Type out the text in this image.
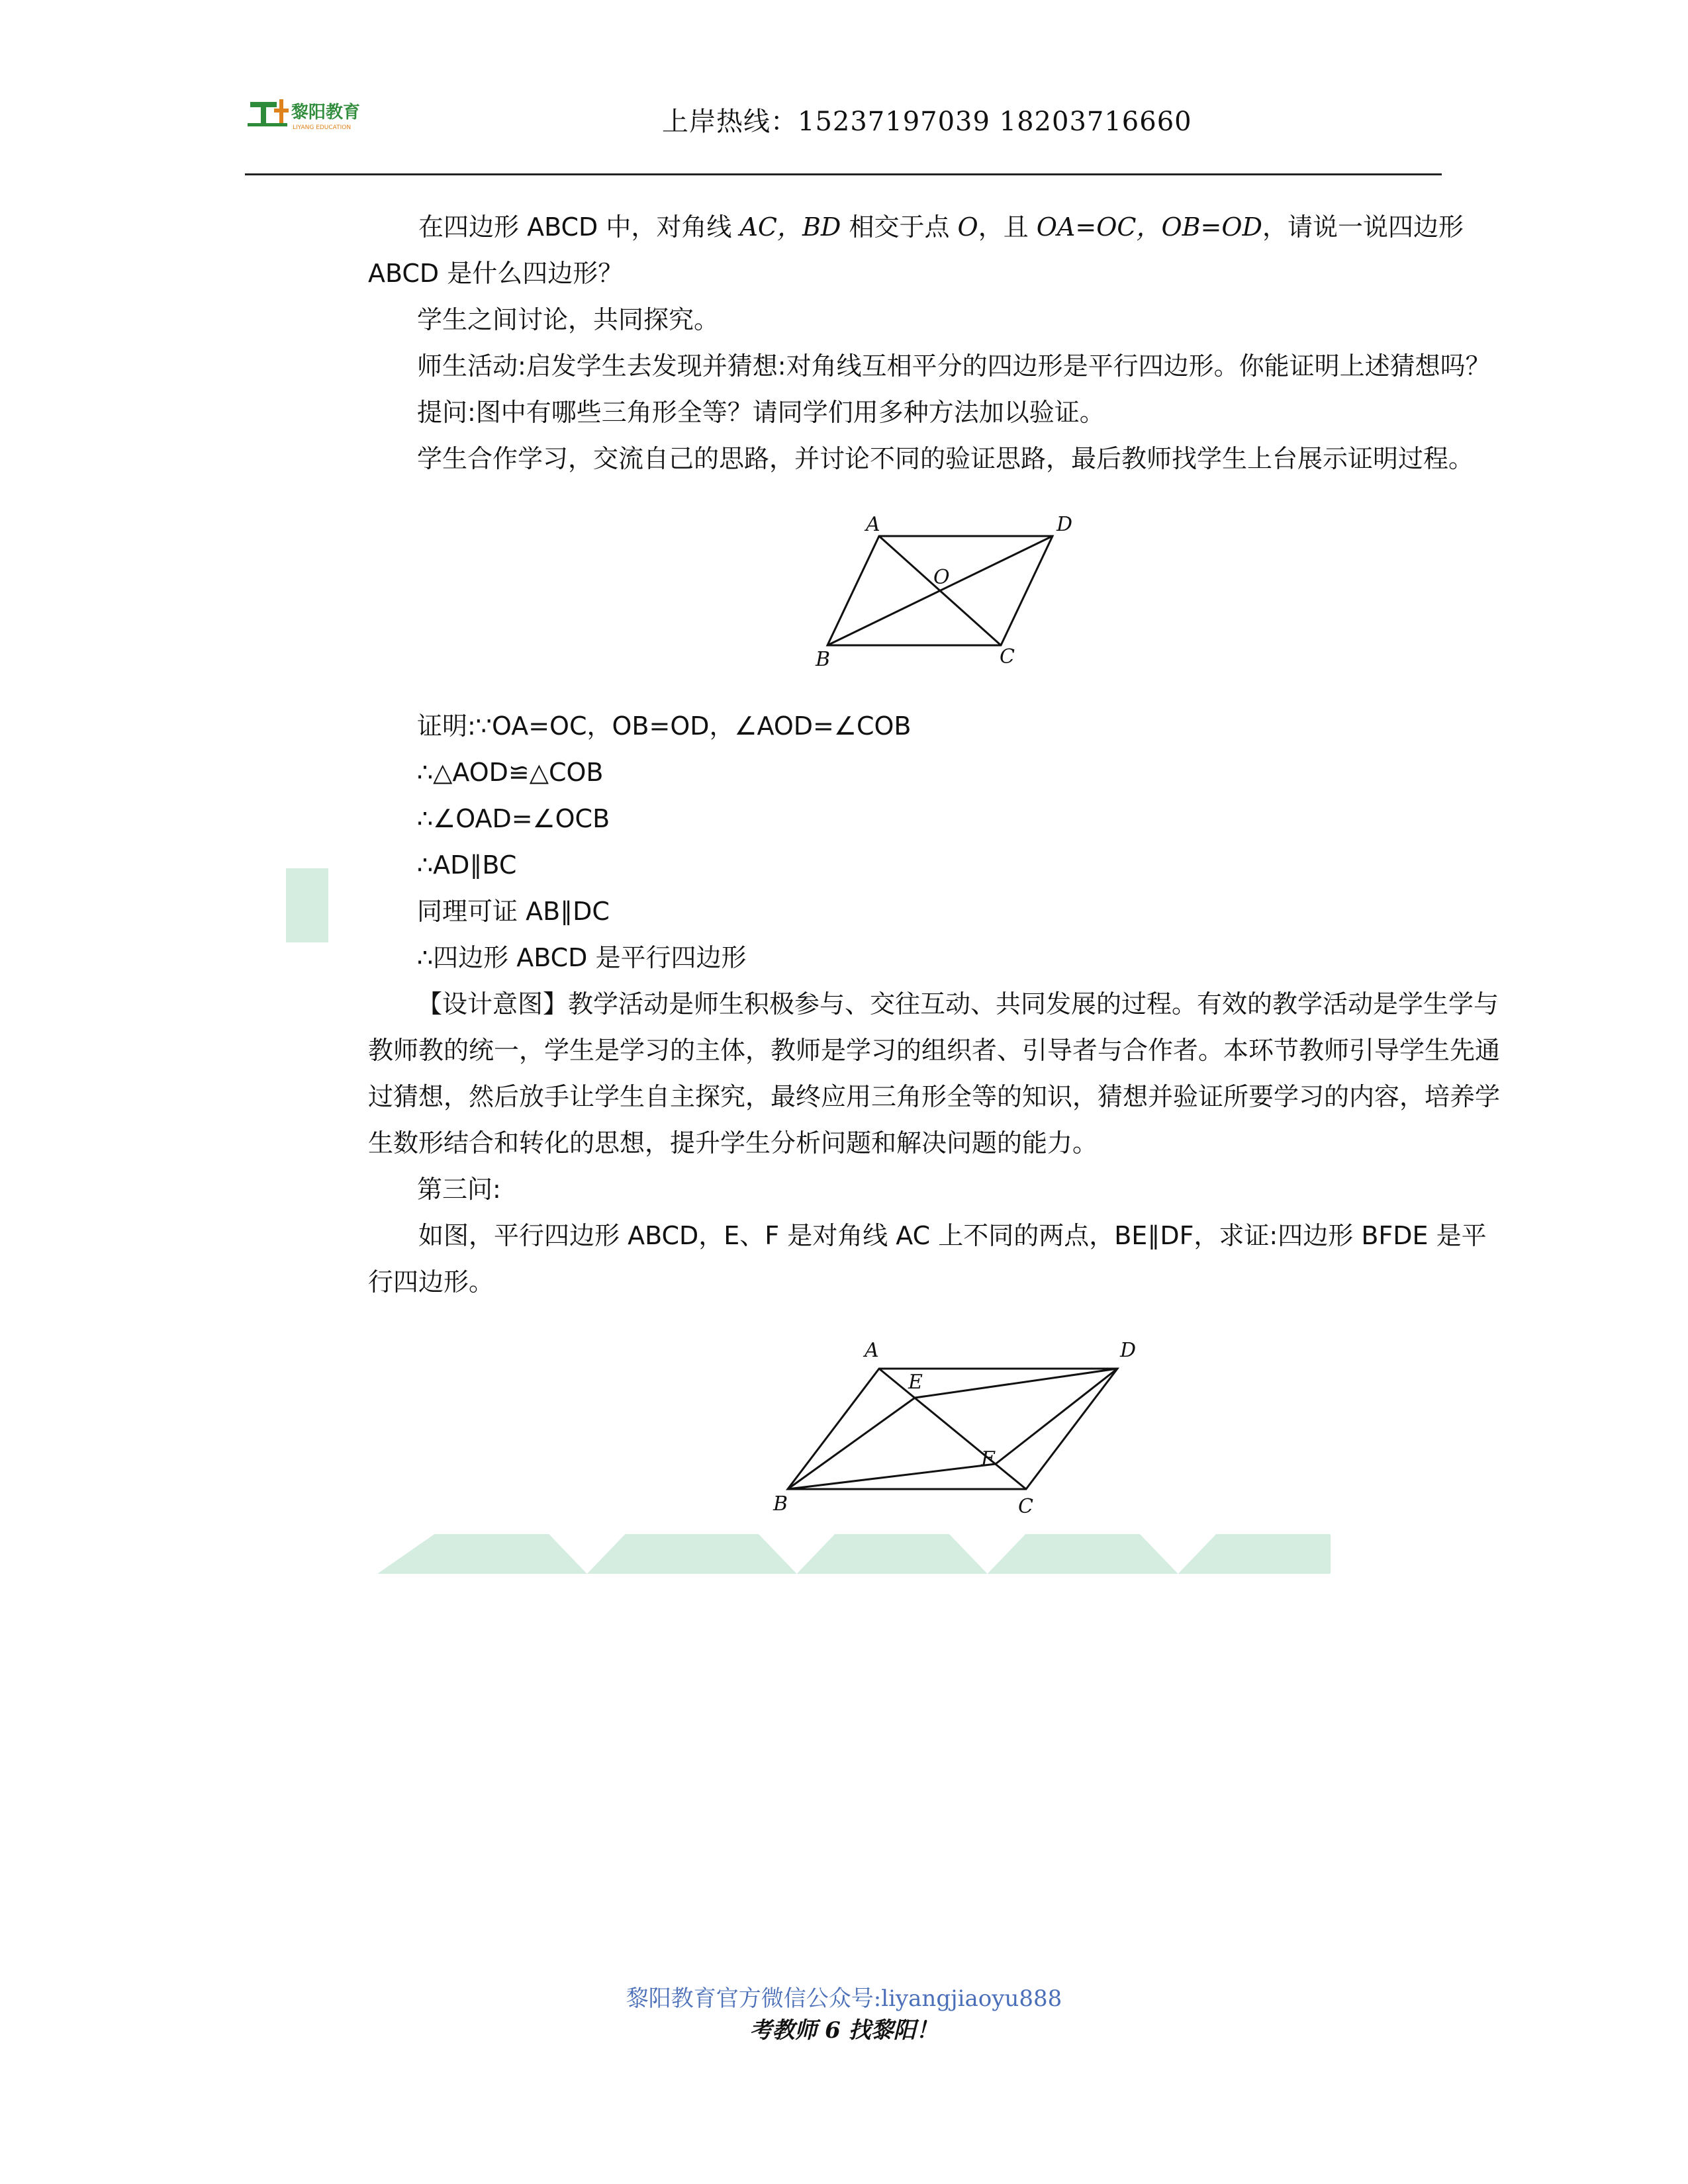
黎阳教育
LIYANG EDUCATION	上岸热线：15237197039 18203716660

在四边形 ABCD 中，对角线 AC，BD 相交于点 O，且 OA=OC，OB=OD，请说一说四边形 ABCD 是什么四边形？

学生之间讨论，共同探究。
师生活动:启发学生去发现并猜想:对角线互相平分的四边形是平行四边形。你能证明上述猜想吗？
提问:图中有哪些三角形全等？请同学们用多种方法加以验证。
学生合作学习，交流自己的思路，并讨论不同的验证思路，最后教师找学生上台展示证明过程。
A	D
O
B	C
证明:∵OA=OC，OB=OD，∠AOD=∠COB
∴△AOD≌△COB
∴∠OAD=∠OCB
∴AD∥BC
同理可证 AB∥DC
∴四边形 ABCD 是平行四边形

【设计意图】教学活动是师生积极参与、交往互动、共同发展的过程。有效的教学活动是学生学与教师教的统一，学生是学习的主体，教师是学习的组织者、引导者与合作者。本环节教师引导学生先通过猜想，然后放手让学生自主探究，最终应用三角形全等的知识，猜想并验证所要学习的内容，培养学生数形结合和转化的思想，提升学生分析问题和解决问题的能力。

第三问:

如图，平行四边形 ABCD，E、F 是对角线 AC 上不同的两点，BE∥DF，求证:四边形 BFDE 是平行四边形。

A	D
E
F
B	C
黎阳教育官方微信公众号:liyangjiaoyu888
考教师 6 找黎阳！
